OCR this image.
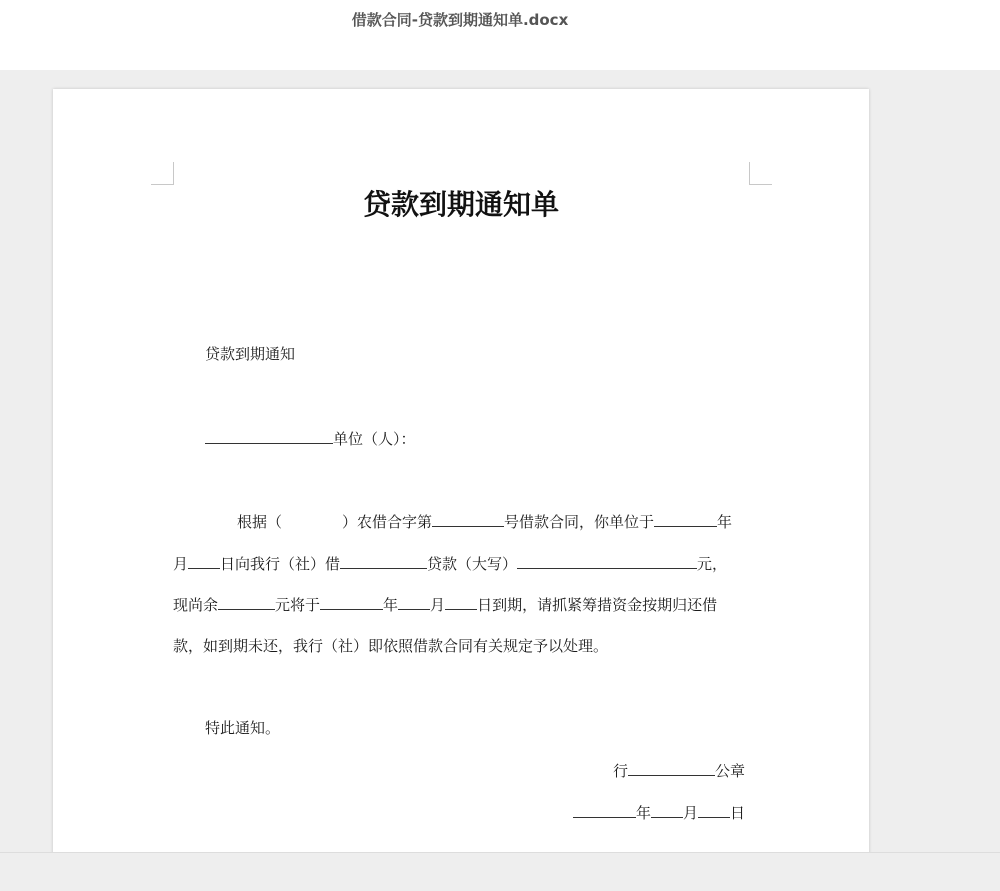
借款合同-贷款到期通知单.docx
贷款到期通知单
贷款到期通知
单位（人）：
根据（	）农借合字第	号借款合同，你单位于	年
月 日向我行（社）借	贷款（大写）	元，
现尚余	元将于	年 月 日到期，请抓紧筹措资金按期归还借
款，如到期未还，我行（社）即依照借款合同有关规定予以处理。
特此通知。
行	公章
年 月 日
